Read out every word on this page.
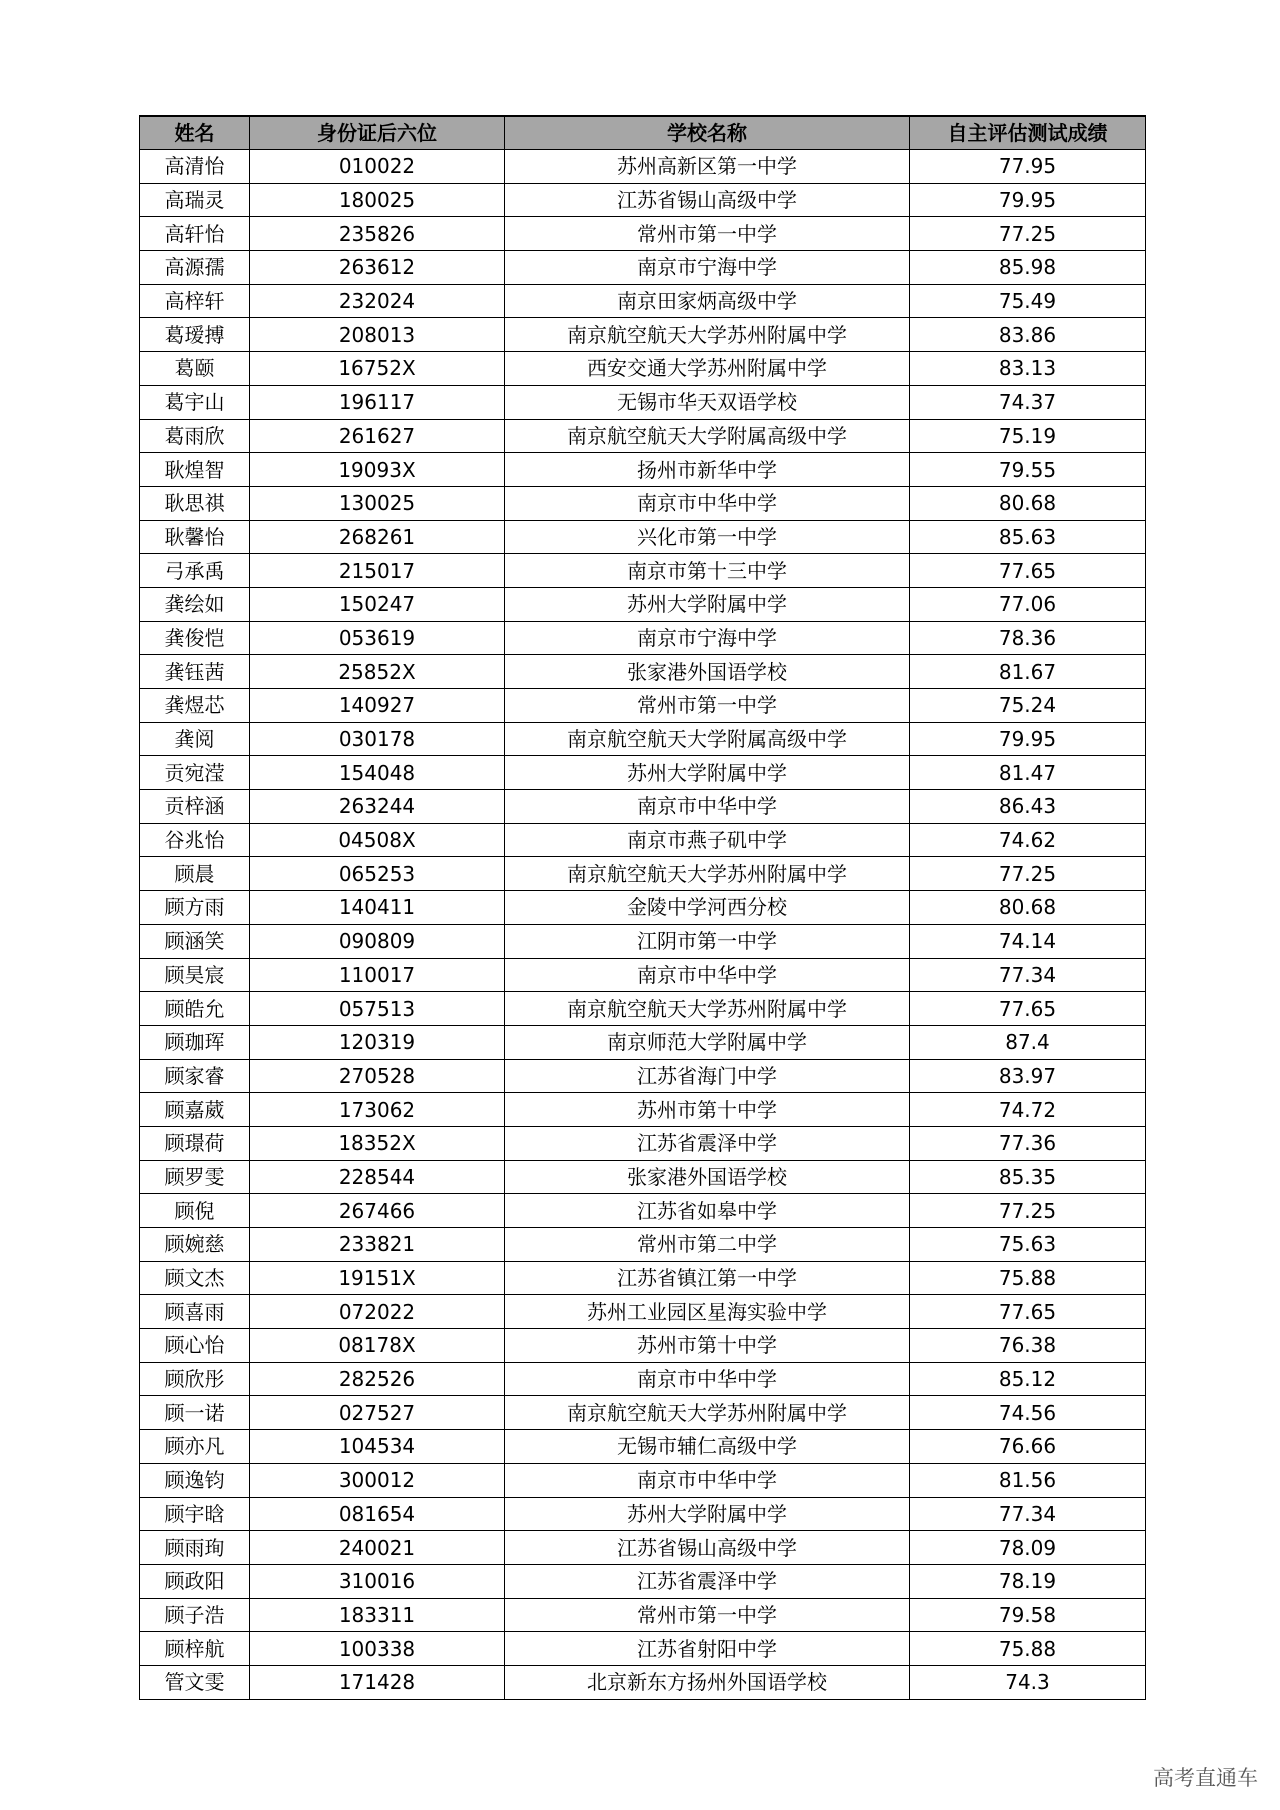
姓名	身份证后六位	学校名称	自主评估测试成绩
高清怡	010022	苏州高新区第一中学	77.95
高瑞灵	180025	江苏省锡山高级中学	79.95
高轩怡	235826	常州市第一中学	77.25
高源孺	263612	南京市宁海中学	85.98
高梓轩	232024	南京田家炳高级中学	75.49
葛瑷搏	208013	南京航空航天大学苏州附属中学	83.86
葛颐	16752X	西安交通大学苏州附属中学	83.13
葛宇山	196117	无锡市华天双语学校	74.37
葛雨欣	261627	南京航空航天大学附属高级中学	75.19
耿煌智	19093X	扬州市新华中学	79.55
耿思祺	130025	南京市中华中学	80.68
耿馨怡	268261	兴化市第一中学	85.63
弓承禹	215017	南京市第十三中学	77.65
龚绘如	150247	苏州大学附属中学	77.06
龚俊恺	053619	南京市宁海中学	78.36
龚钰茜	25852X	张家港外国语学校	81.67
龚煜芯	140927	常州市第一中学	75.24
龚阅	030178	南京航空航天大学附属高级中学	79.95
贡宛滢	154048	苏州大学附属中学	81.47
贡梓涵	263244	南京市中华中学	86.43
谷兆怡	04508X	南京市燕子矶中学	74.62
顾晨	065253	南京航空航天大学苏州附属中学	77.25
顾方雨	140411	金陵中学河西分校	80.68
顾涵笑	090809	江阴市第一中学	74.14
顾昊宸	110017	南京市中华中学	77.34
顾皓允	057513	南京航空航天大学苏州附属中学	77.65
顾珈珲	120319	南京师范大学附属中学	87.4
顾家睿	270528	江苏省海门中学	83.97
顾嘉葳	173062	苏州市第十中学	74.72
顾璟荷	18352X	江苏省震泽中学	77.36
顾罗雯	228544	张家港外国语学校	85.35
顾倪	267466	江苏省如皋中学	77.25
顾婉慈	233821	常州市第二中学	75.63
顾文杰	19151X	江苏省镇江第一中学	75.88
顾喜雨	072022	苏州工业园区星海实验中学	77.65
顾心怡	08178X	苏州市第十中学	76.38
顾欣彤	282526	南京市中华中学	85.12
顾一诺	027527	南京航空航天大学苏州附属中学	74.56
顾亦凡	104534	无锡市辅仁高级中学	76.66
顾逸钧	300012	南京市中华中学	81.56
顾宇晗	081654	苏州大学附属中学	77.34
顾雨珣	240021	江苏省锡山高级中学	78.09
顾政阳	310016	江苏省震泽中学	78.19
顾子浩	183311	常州市第一中学	79.58
顾梓航	100338	江苏省射阳中学	75.88
管文雯	171428	北京新东方扬州外国语学校	74.3
高考直通车
